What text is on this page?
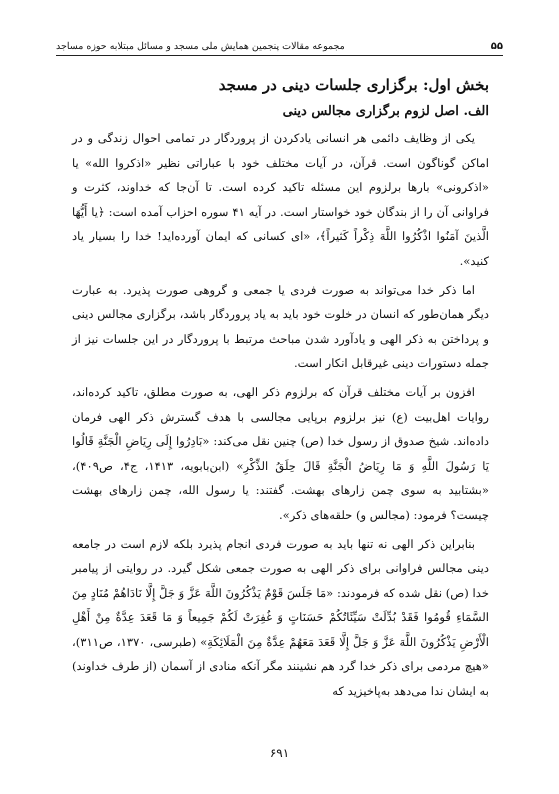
۵۵
مجموعه مقالات پنجمین همایش ملی مسجد و مسائل مبتلابه حوزه مساجد
بخش اول: برگزاری جلسات دینی در مسجد
الف. اصل لزوم برگزاری مجالس دینی

یکی از وظایف دائمی هر انسانی یادکردن از پروردگار در تمامی احوال زندگی و در اماکن گوناگون است. قرآن، در آیات مختلف خود با عباراتی نظیر «اذکروا الله» یا «اذکرونی» بارها برلزوم این مسئله تاکید کرده است. تا آن‌جا که خداوند، کثرت و فراوانی آن را از بندگان خود خواستار است. در آیه ۴۱ سوره احزاب آمده است: ﴿یا أَیُّهَا الَّذینَ آمَنُوا اذْکُرُوا اللَّهَ ذِکْراً کَثیراً﴾، «ای کسانی که ایمان آورده‌اید! خدا را بسیار یاد کنید».

اما ذکر خدا می‌تواند به صورت فردی یا جمعی و گروهی صورت پذیرد. به عبارت دیگر همان‌طور که انسان در خلوت خود باید به یاد پروردگار باشد، برگزاری مجالس دینی و پرداختن به ذکر الهی و یادآورد شدن مباحث مرتبط با پروردگار در این جلسات نیز از جمله دستورات دینی غیرقابل انکار است.

افزون بر آیات مختلف قرآن که برلزوم ذکر الهی، به صورت مطلق، تاکید کرده‌اند، روایات اهل‌بیت (ع) نیز برلزوم برپایی مجالسی با هدف گسترش ذکر الهی فرمان داده‌اند. شیخ صدوق از رسول خدا (ص) چنین نقل می‌کند: «بَادِرُوا إِلَی رِیَاضِ الْجَنَّةِ قَالُوا یَا رَسُولَ اللَّهِ وَ مَا رِیَاضُ الْجَنَّةِ قَالَ حِلَقُ الذِّکْرِ» (ابن‌بابویه، ۱۴۱۳، ج۴، ص۴۰۹)، «بشتابید به سوی چمن زارهای بهشت. گفتند: یا رسول الله، چمن زارهای بهشت چیست؟ فرمود: (مجالس و) حلقه‌های ذکر».

بنابراین ذکر الهی نه تنها باید به صورت فردی انجام پذیرد بلکه لازم است در جامعه دینی مجالس فراوانی برای ذکر الهی به صورت جمعی شکل گیرد. در روایتی از پیامبر خدا (ص) نقل شده که فرمودند: «مَا جَلَسَ قَوْمٌ یَذْکُرُونَ اللَّهَ عَزَّ وَ جَلَّ إِلَّا نَادَاهُمْ مُنَادٍ مِنَ السَّمَاءِ قُومُوا فَقَدْ بُدِّلَتْ سَیِّئَاتُکُمْ حَسَنَاتٍ وَ غُفِرَتْ لَکُمْ جَمِیعاً وَ مَا قَعَدَ عِدَّةٌ مِنْ أَهْلِ الْأَرْضِ یَذْکُرُونَ اللَّهَ عَزَّ وَ جَلَّ إِلَّا قَعَدَ مَعَهُمْ عِدَّةٌ مِنَ الْمَلَائِکَةِ» (طبرسی، ۱۳۷۰، ص۳۱۱)، «هیچ مردمی برای ذکر خدا گرد هم نشینند مگر آنکه منادی از آسمان (از طرف خداوند) به ایشان ندا می‌دهد به‌پاخیزید که

۶۹۱
